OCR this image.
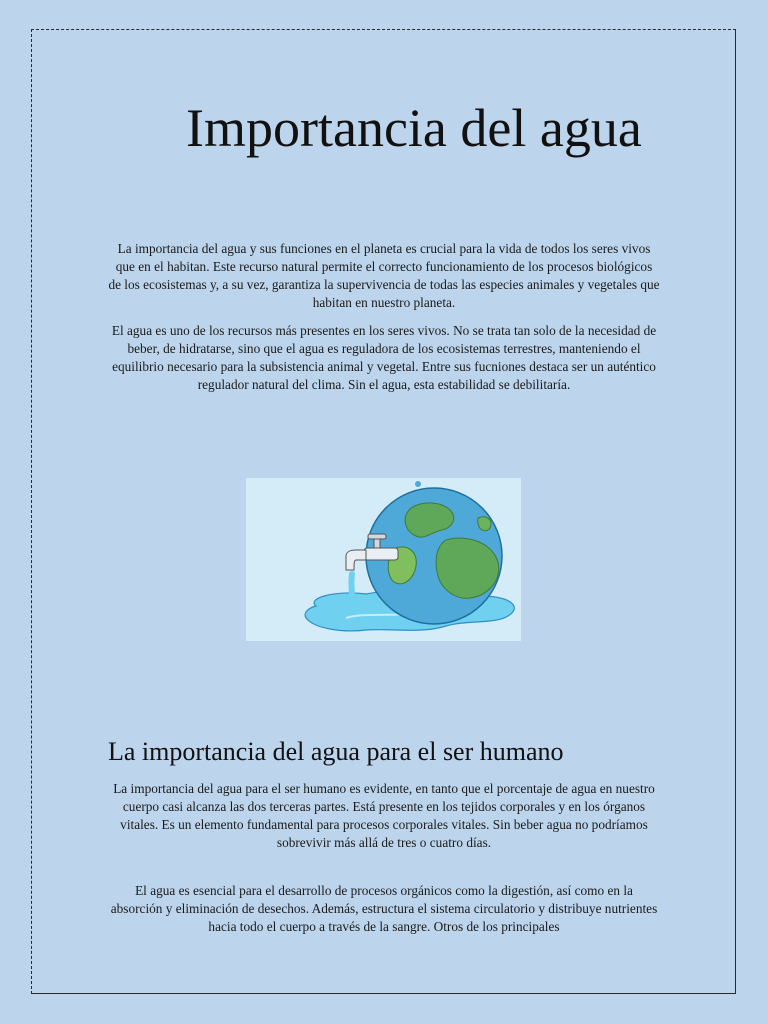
Importancia del agua

La importancia del agua y sus funciones en el planeta es crucial para la vida de todos los seres vivos que en el habitan. Este recurso natural permite el correcto funcionamiento de los procesos biológicos de los ecosistemas y, a su vez, garantiza la supervivencia de todas las especies animales y vegetales que habitan en nuestro planeta.

El agua es uno de los recursos más presentes en los seres vivos. No se trata tan solo de la necesidad de beber, de hidratarse, sino que el agua es reguladora de los ecosistemas terrestres, manteniendo el equilibrio necesario para la subsistencia animal y vegetal. Entre sus fucniones destaca ser un auténtico regulador natural del clima. Sin el agua, esta estabilidad se debilitaría.

La importancia del agua para el ser humano

La importancia del agua para el ser humano es evidente, en tanto que el porcentaje de agua en nuestro cuerpo casi alcanza las dos terceras partes. Está presente en los tejidos corporales y en los órganos vitales. Es un elemento fundamental para procesos corporales vitales. Sin beber agua no podríamos sobrevivir más allá de tres o cuatro días.

El agua es esencial para el desarrollo de procesos orgánicos como la digestión, así como en la absorción y eliminación de desechos. Además, estructura el sistema circulatorio y distribuye nutrientes hacia todo el cuerpo a través de la sangre. Otros de los principales
